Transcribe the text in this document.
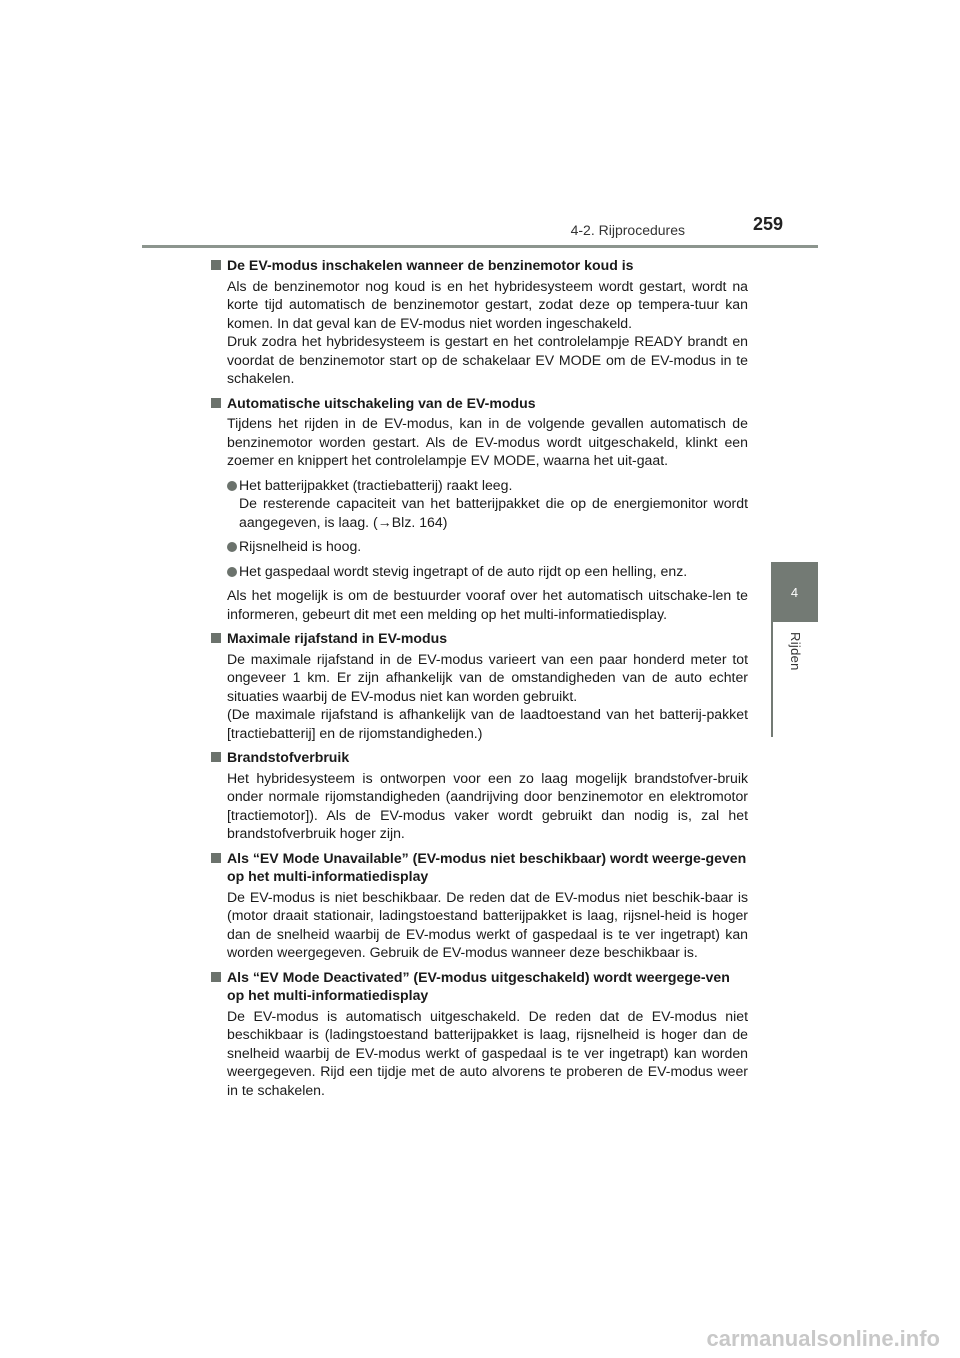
4-2. Rijprocedures	259
4
Rijden
De EV-modus inschakelen wanneer de benzinemotor koud is
Als de benzinemotor nog koud is en het hybridesysteem wordt gestart, wordt na korte tijd automatisch de benzinemotor gestart, zodat deze op tempera-tuur kan komen. In dat geval kan de EV-modus niet worden ingeschakeld.
Druk zodra het hybridesysteem is gestart en het controlelampje READY brandt en voordat de benzinemotor start op de schakelaar EV MODE om de EV-modus in te schakelen.
Automatische uitschakeling van de EV-modus
Tijdens het rijden in de EV-modus, kan in de volgende gevallen automatisch de benzinemotor worden gestart. Als de EV-modus wordt uitgeschakeld, klinkt een zoemer en knippert het controlelampje EV MODE, waarna het uit-gaat.
Het batterijpakket (tractiebatterij) raakt leeg.
De resterende capaciteit van het batterijpakket die op de energiemonitor wordt aangegeven, is laag. (→Blz. 164)
Rijsnelheid is hoog.
Het gaspedaal wordt stevig ingetrapt of de auto rijdt op een helling, enz.
Als het mogelijk is om de bestuurder vooraf over het automatisch uitschake-len te informeren, gebeurt dit met een melding op het multi-informatiedisplay.
Maximale rijafstand in EV-modus
De maximale rijafstand in de EV-modus varieert van een paar honderd meter tot ongeveer 1 km. Er zijn afhankelijk van de omstandigheden van de auto echter situaties waarbij de EV-modus niet kan worden gebruikt.
(De maximale rijafstand is afhankelijk van de laadtoestand van het batterij-pakket [tractiebatterij] en de rijomstandigheden.)
Brandstofverbruik
Het hybridesysteem is ontworpen voor een zo laag mogelijk brandstofver-bruik onder normale rijomstandigheden (aandrijving door benzinemotor en elektromotor [tractiemotor]). Als de EV-modus vaker wordt gebruikt dan nodig is, zal het brandstofverbruik hoger zijn.
Als “EV Mode Unavailable” (EV-modus niet beschikbaar) wordt weerge-geven op het multi-informatiedisplay
De EV-modus is niet beschikbaar. De reden dat de EV-modus niet beschik-baar is (motor draait stationair, ladingstoestand batterijpakket is laag, rijsnel-heid is hoger dan de snelheid waarbij de EV-modus werkt of gaspedaal is te ver ingetrapt) kan worden weergegeven. Gebruik de EV-modus wanneer deze beschikbaar is.
Als “EV Mode Deactivated” (EV-modus uitgeschakeld) wordt weergege-ven op het multi-informatiedisplay
De EV-modus is automatisch uitgeschakeld. De reden dat de EV-modus niet beschikbaar is (ladingstoestand batterijpakket is laag, rijsnelheid is hoger dan de snelheid waarbij de EV-modus werkt of gaspedaal is te ver ingetrapt) kan worden weergegeven. Rijd een tijdje met de auto alvorens te proberen de EV-modus weer in te schakelen.
carmanualsonline.info
